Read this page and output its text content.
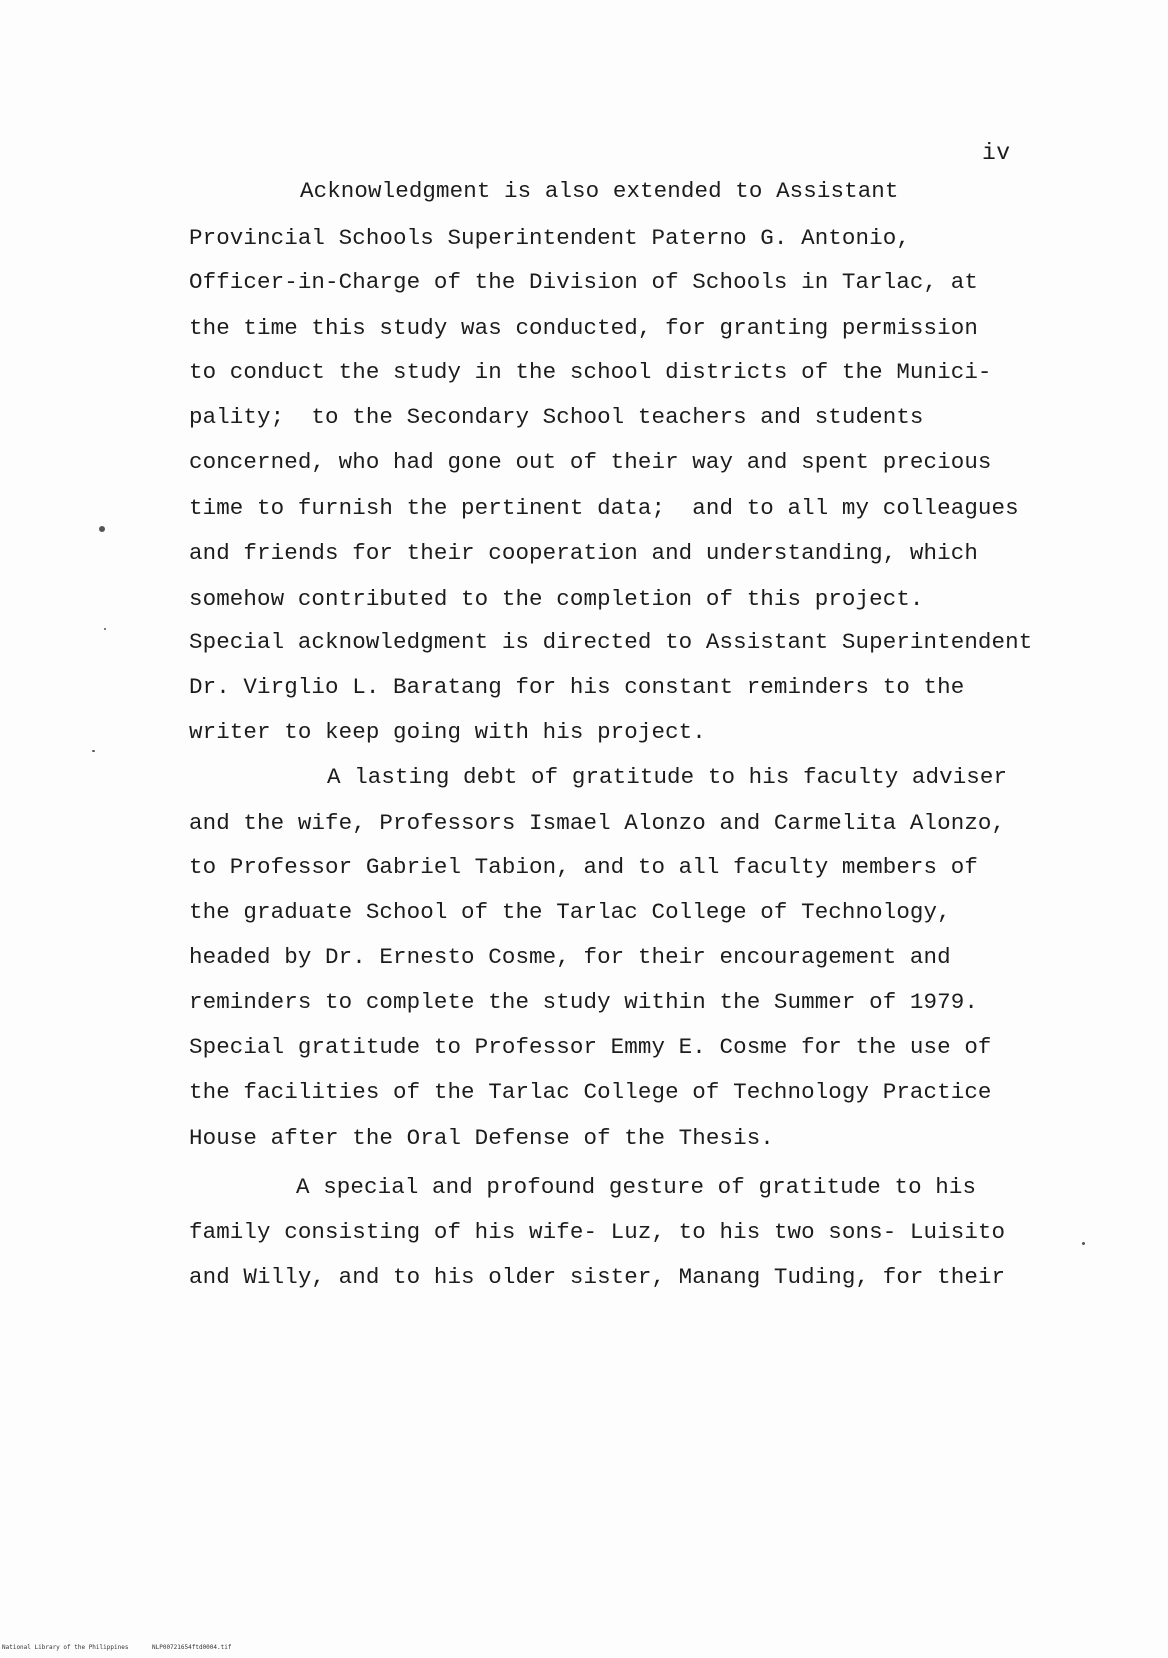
iv
Acknowledgment is also extended to Assistant
Provincial Schools Superintendent Paterno G. Antonio,
Officer-in-Charge of the Division of Schools in Tarlac, at
the time this study was conducted, for granting permission
to conduct the study in the school districts of the Munici-
pality;  to the Secondary School teachers and students
concerned, who had gone out of their way and spent precious
time to furnish the pertinent data;  and to all my colleagues
and friends for their cooperation and understanding, which
somehow contributed to the completion of this project.
Special acknowledgment is directed to Assistant Superintendent
Dr. Virglio L. Baratang for his constant reminders to the
writer to keep going with his project.
A lasting debt of gratitude to his faculty adviser
and the wife, Professors Ismael Alonzo and Carmelita Alonzo,
to Professor Gabriel Tabion, and to all faculty members of
the graduate School of the Tarlac College of Technology,
headed by Dr. Ernesto Cosme, for their encouragement and
reminders to complete the study within the Summer of 1979.
Special gratitude to Professor Emmy E. Cosme for the use of
the facilities of the Tarlac College of Technology Practice
House after the Oral Defense of the Thesis.
A special and profound gesture of gratitude to his
family consisting of his wife- Luz, to his two sons- Luisito
and Willy, and to his older sister, Manang Tuding, for their
National Library of the Philippines	NLP00721654ftd0004.tif
